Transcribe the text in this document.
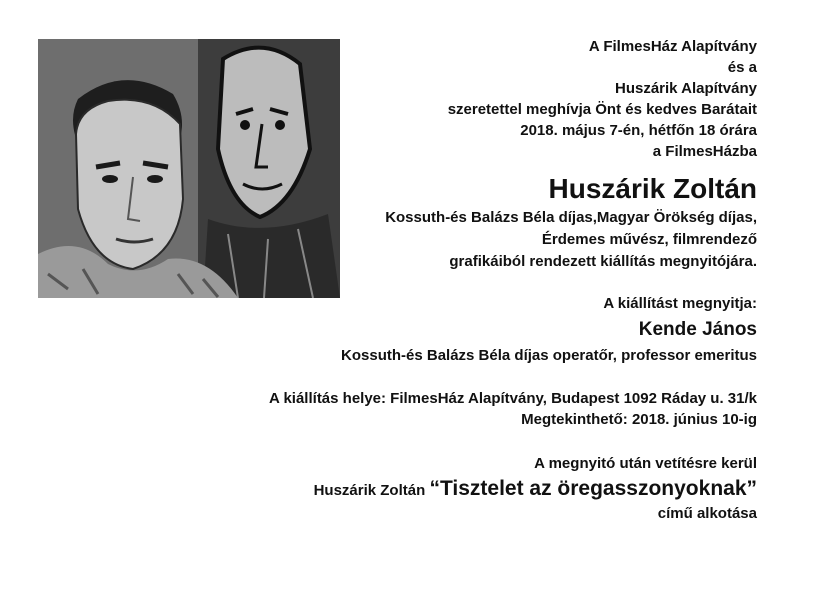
A FilmesHáz Alapítvány
és a
Huszárik Alapítvány
szeretettel meghívja Önt és kedves Barátait
2018. május 7-én, hétfőn 18 órára
a FilmesHázba
Huszárik Zoltán
Kossuth-és Balázs Béla díjas,Magyar Örökség díjas,
Érdemes művész, filmrendező
grafikáiból rendezett kiállítás megnyitójára.
A kiállítást megnyitja:
Kende János
Kossuth-és Balázs Béla díjas operatőr, professor emeritus
A kiállítás helye: FilmesHáz Alapítvány, Budapest 1092 Ráday u. 31/k
Megtekinthető: 2018. június 10-ig
A megnyitó után vetítésre kerül
Huszárik Zoltán “Tisztelet az öregasszonyoknak”
című alkotása
